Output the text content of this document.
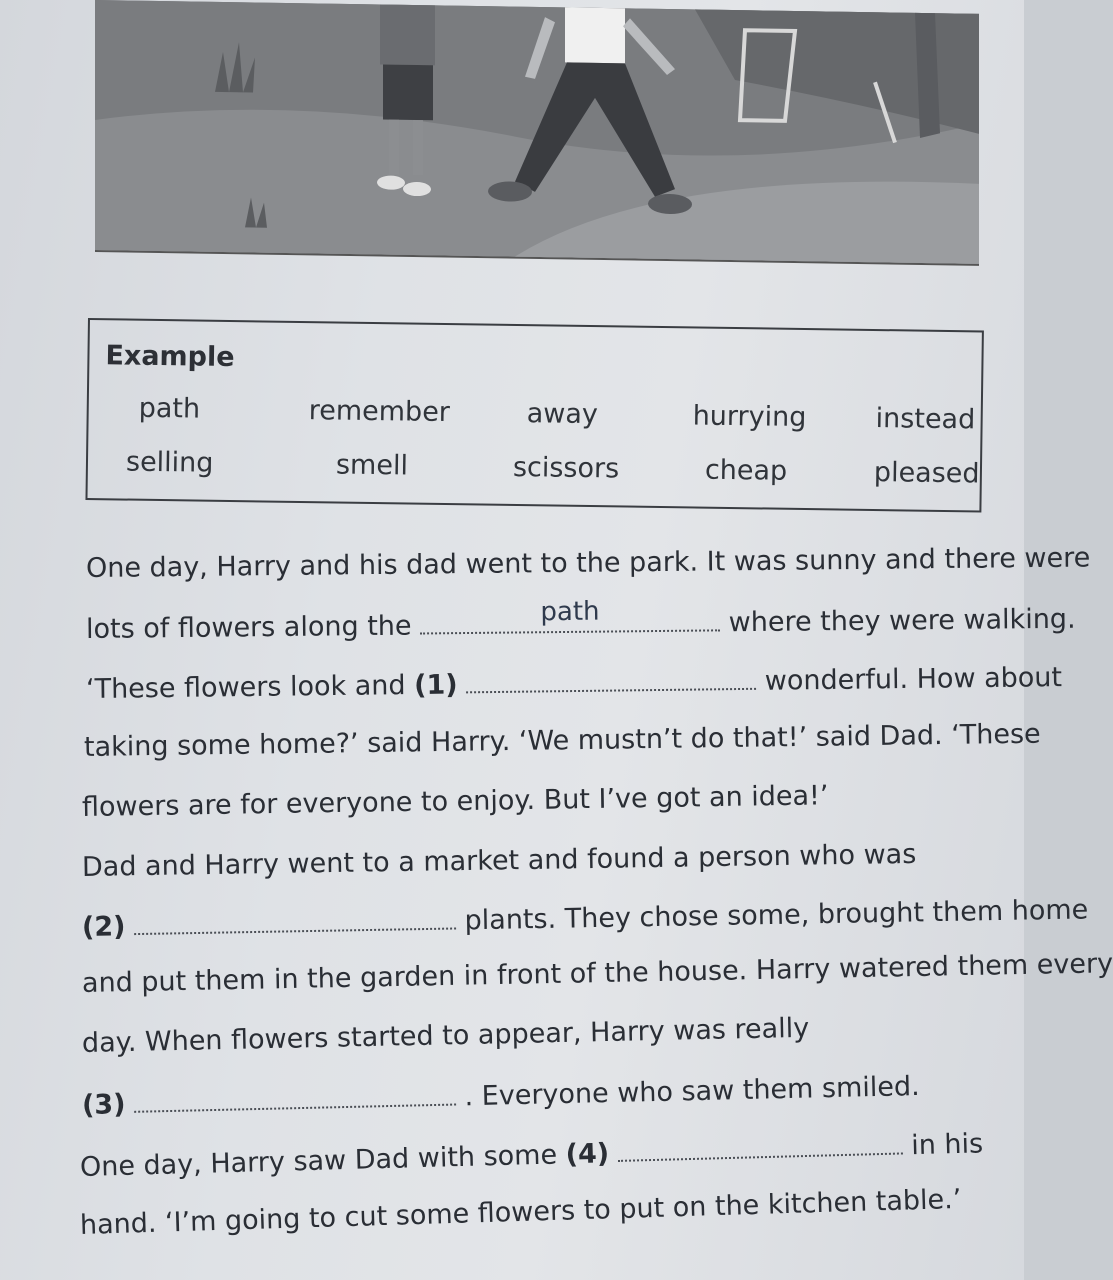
Example

path	remember	away	hurrying	instead
selling	smell	scissors	cheap	pleased
One day, Harry and his dad went to the park. It was sunny and there were
lots of flowers along the	path	where they were walking.
‘These flowers look and (1)	wonderful. How about
taking some home?’ said Harry. ‘We mustn’t do that!’ said Dad. ‘These
flowers are for everyone to enjoy. But I’ve got an idea!’
Dad and Harry went to a market and found a person who was
(2)	plants. They chose some, brought them home
and put them in the garden in front of the house. Harry watered them every
day. When flowers started to appear, Harry was really
(3)	. Everyone who saw them smiled.
One day, Harry saw Dad with some (4)	in his
hand. ‘I’m going to cut some flowers to put on the kitchen table.’
